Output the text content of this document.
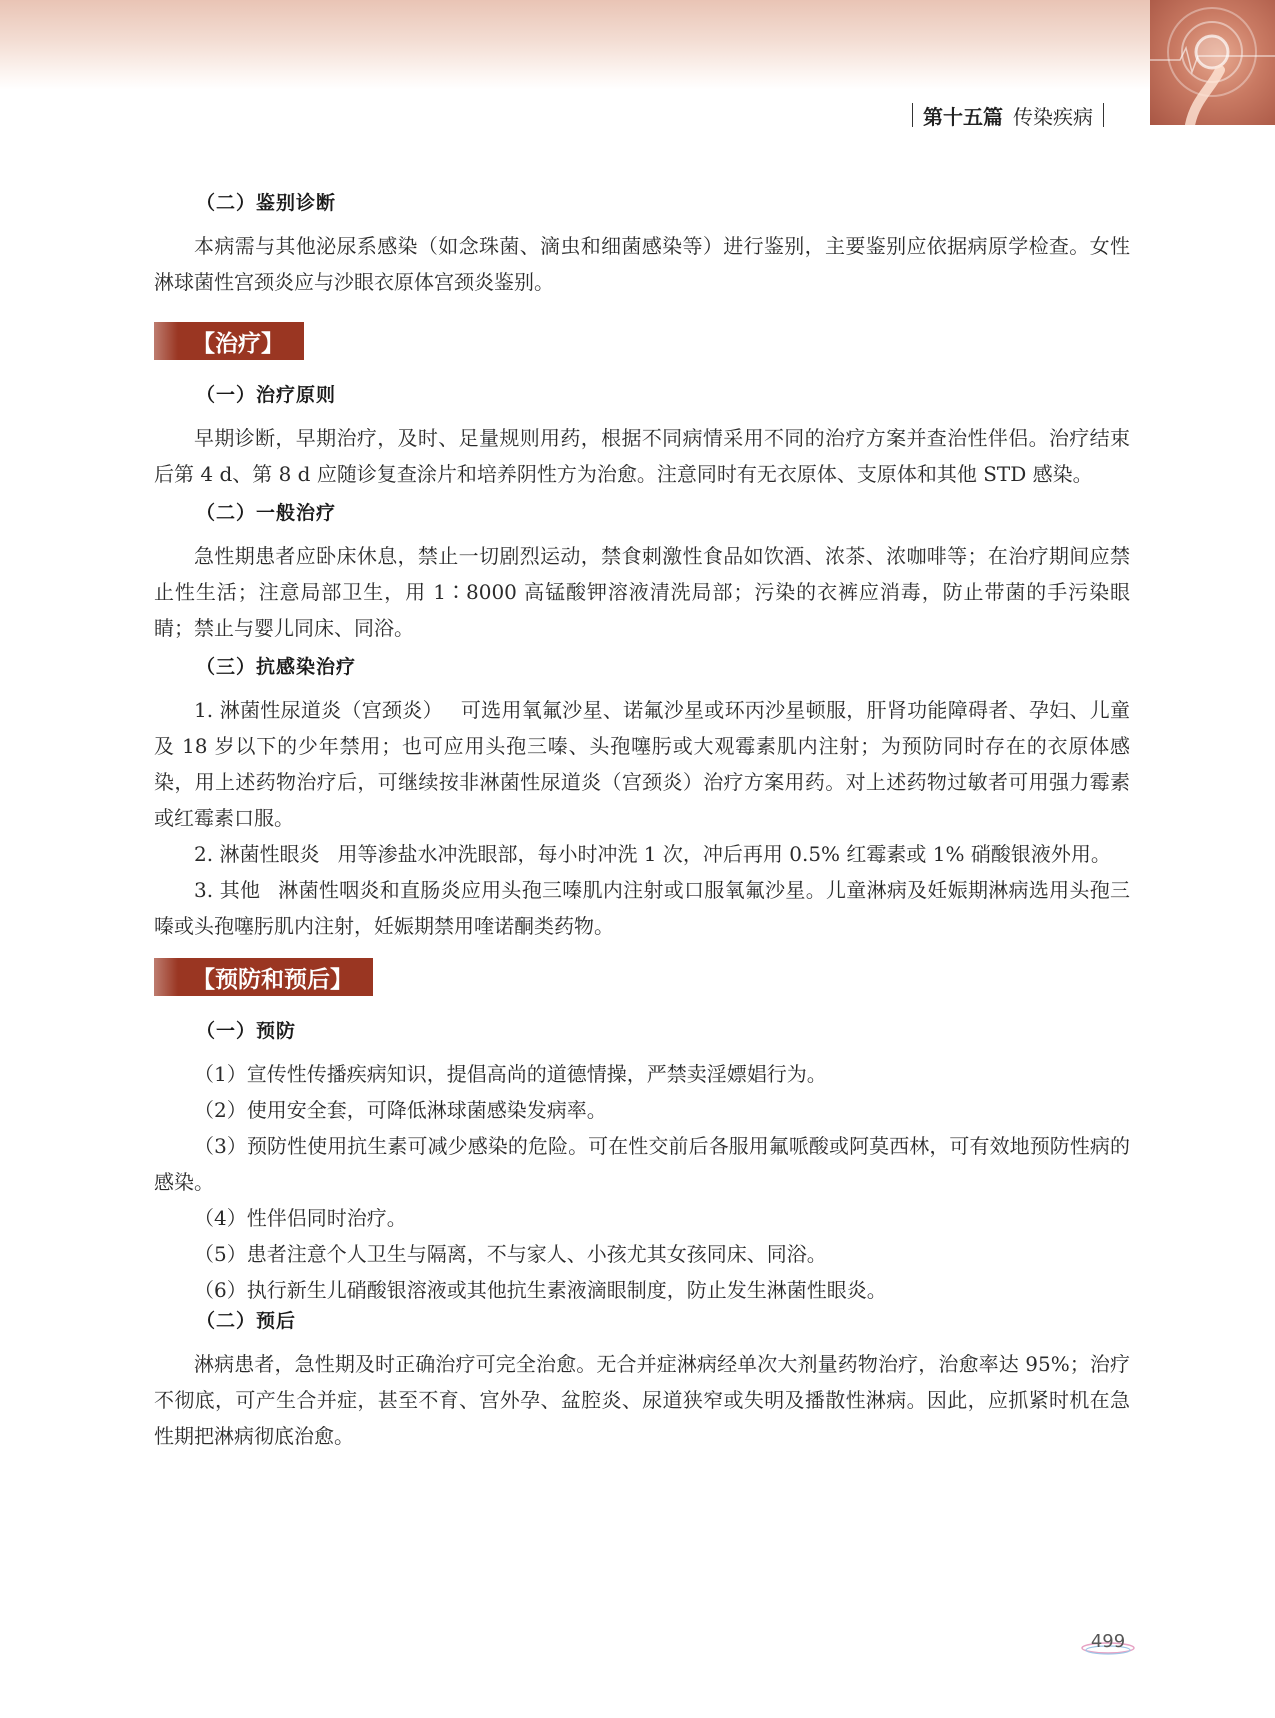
第十五篇 传染疾病
（二）鉴别诊断

本病需与其他泌尿系感染（如念珠菌、滴虫和细菌感染等）进行鉴别，主要鉴别应依据病原学检查。女性淋球菌性宫颈炎应与沙眼衣原体宫颈炎鉴别。

【治疗】
（一）治疗原则

早期诊断，早期治疗，及时、足量规则用药，根据不同病情采用不同的治疗方案并查治性伴侣。治疗结束后第 4 d、第 8 d 应随诊复查涂片和培养阴性方为治愈。注意同时有无衣原体、支原体和其他 STD 感染。

（二）一般治疗

急性期患者应卧床休息，禁止一切剧烈运动，禁食刺激性食品如饮酒、浓茶、浓咖啡等；在治疗期间应禁止性生活；注意局部卫生，用 1∶8000 高锰酸钾溶液清洗局部；污染的衣裤应消毒，防止带菌的手污染眼睛；禁止与婴儿同床、同浴。

（三）抗感染治疗

1. 淋菌性尿道炎（宫颈炎） 可选用氧氟沙星、诺氟沙星或环丙沙星顿服，肝肾功能障碍者、孕妇、儿童及 18 岁以下的少年禁用；也可应用头孢三嗪、头孢噻肟或大观霉素肌内注射；为预防同时存在的衣原体感染，用上述药物治疗后，可继续按非淋菌性尿道炎（宫颈炎）治疗方案用药。对上述药物过敏者可用强力霉素或红霉素口服。

2. 淋菌性眼炎 用等渗盐水冲洗眼部，每小时冲洗 1 次，冲后再用 0.5% 红霉素或 1% 硝酸银液外用。

3. 其他 淋菌性咽炎和直肠炎应用头孢三嗪肌内注射或口服氧氟沙星。儿童淋病及妊娠期淋病选用头孢三嗪或头孢噻肟肌内注射，妊娠期禁用喹诺酮类药物。

【预防和预后】
（一）预防

（1）宣传性传播疾病知识，提倡高尚的道德情操，严禁卖淫嫖娼行为。

（2）使用安全套，可降低淋球菌感染发病率。

（3）预防性使用抗生素可减少感染的危险。可在性交前后各服用氟哌酸或阿莫西林，可有效地预防性病的感染。

（4）性伴侣同时治疗。

（5）患者注意个人卫生与隔离，不与家人、小孩尤其女孩同床、同浴。

（6）执行新生儿硝酸银溶液或其他抗生素液滴眼制度，防止发生淋菌性眼炎。

（二）预后

淋病患者，急性期及时正确治疗可完全治愈。无合并症淋病经单次大剂量药物治疗，治愈率达 95%；治疗不彻底，可产生合并症，甚至不育、宫外孕、盆腔炎、尿道狭窄或失明及播散性淋病。因此，应抓紧时机在急性期把淋病彻底治愈。

499
